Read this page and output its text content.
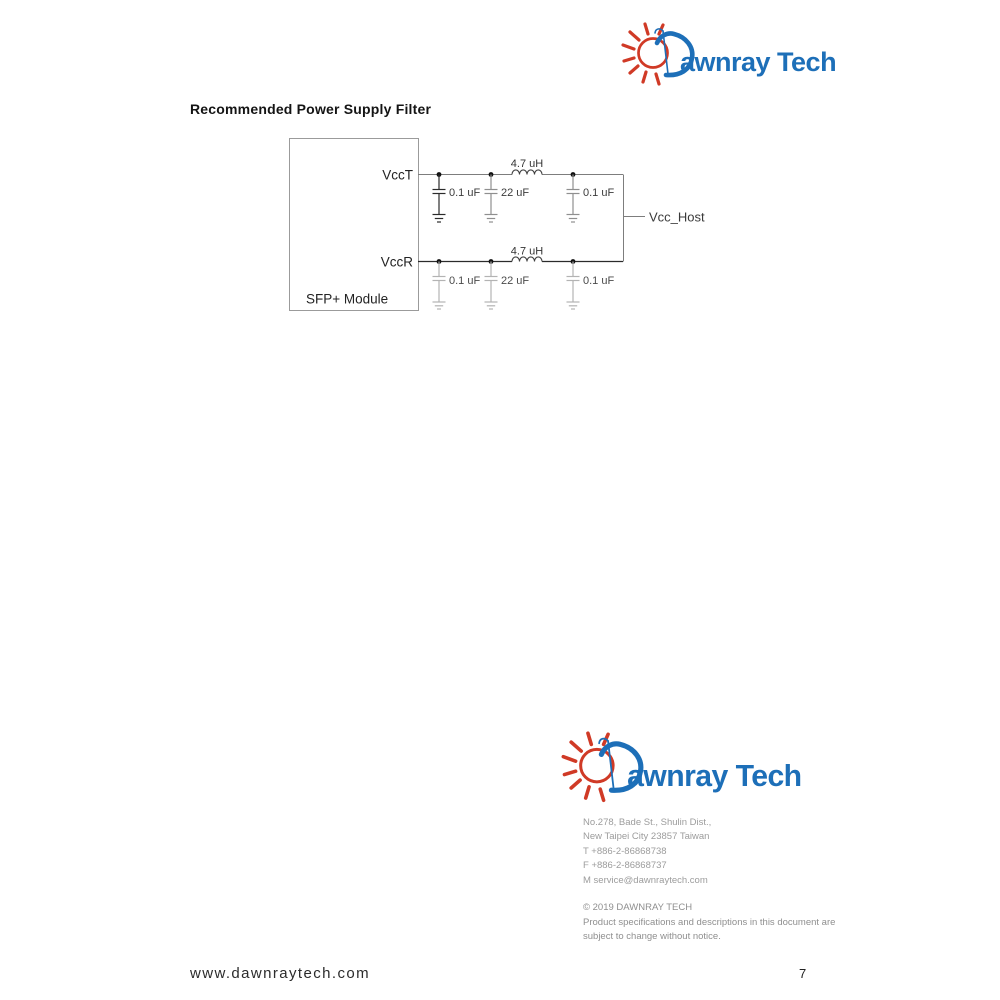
awnray Tech
Recommended Power Supply Filter
VccT
VccR
SFP+ Module
4.7 uH
0.1 uF 22 uF	0.1 uF
Vcc_Host
4.7 uH
0.1 uF 22 uF	0.1 uF
awnray Tech
No.278, Bade St., Shulin Dist.,
New Taipei City 23857 Taiwan
T +886-2-86868738
F +886-2-86868737
M service@dawnraytech.com
© 2019 DAWNRAY TECH
Product specifications and descriptions in this document are
subject to change without notice.
www.dawnraytech.com	7
